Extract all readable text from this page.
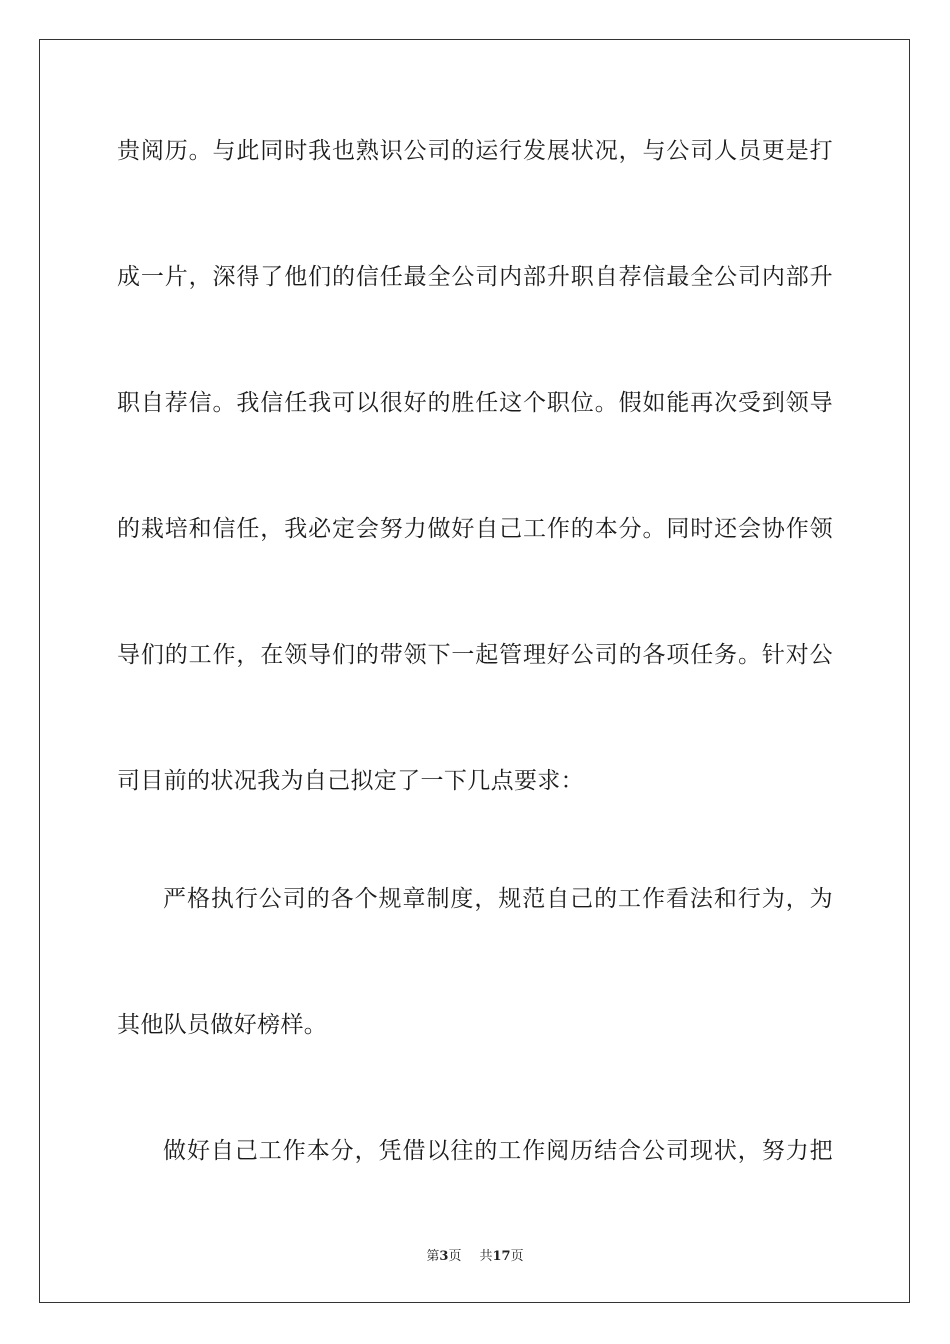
贵阅历。与此同时我也熟识公司的运行发展状况，与公司人员更是打
成一片，深得了他们的信任最全公司内部升职自荐信最全公司内部升
职自荐信。我信任我可以很好的胜任这个职位。假如能再次受到领导
的栽培和信任，我必定会努力做好自己工作的本分。同时还会协作领
导们的工作，在领导们的带领下一起管理好公司的各项任务。针对公
司目前的状况我为自己拟定了一下几点要求：
严格执行公司的各个规章制度，规范自己的工作看法和行为，为
其他队员做好榜样。
做好自己工作本分，凭借以往的工作阅历结合公司现状，努力把
第3页 共17页
